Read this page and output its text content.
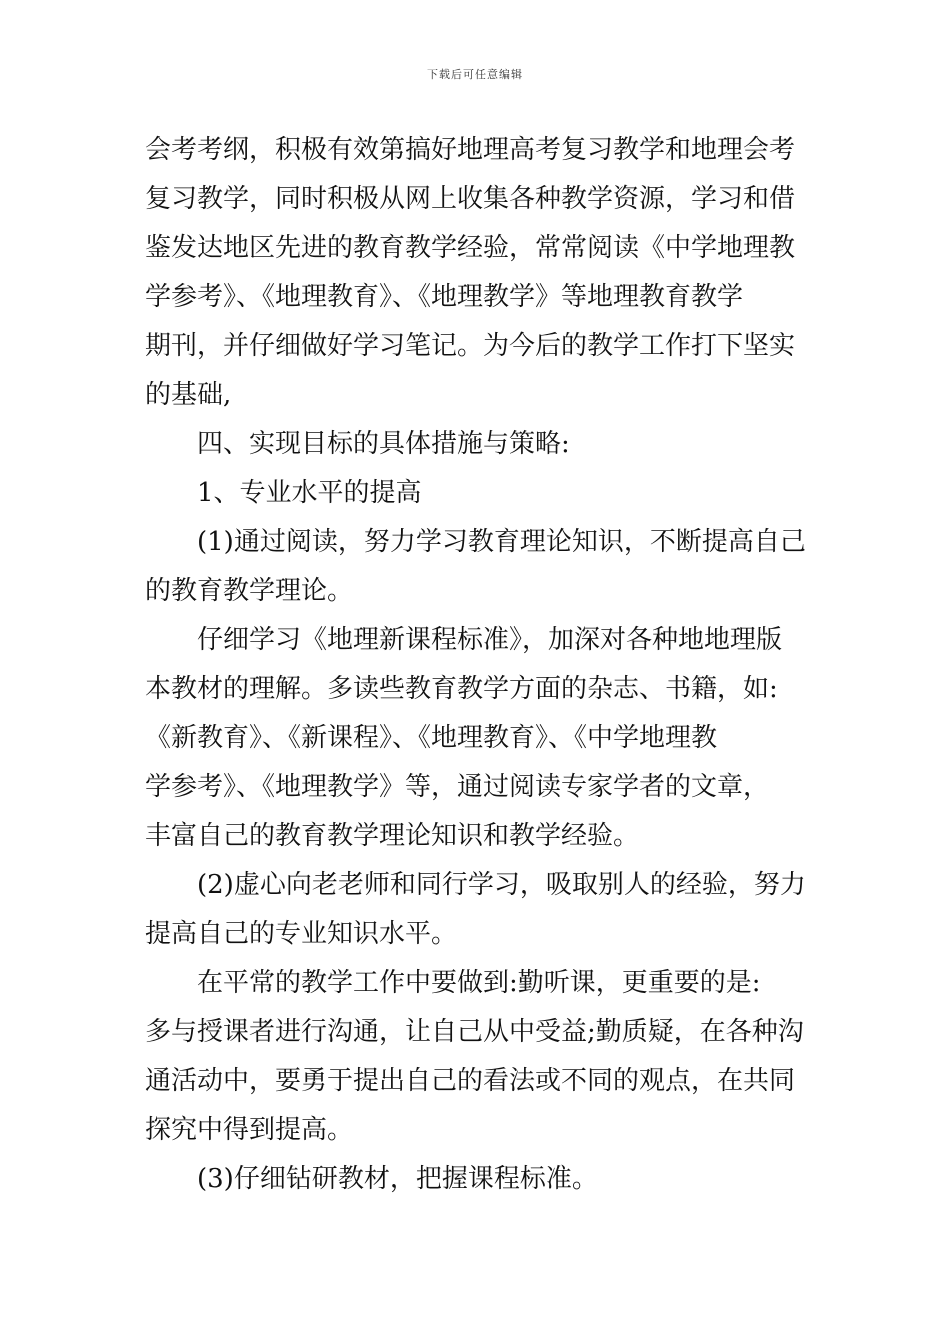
下载后可任意编辑
会考考纲，积极有效第搞好地理高考复习教学和地理会考
复习教学，同时积极从网上收集各种教学资源，学习和借
鉴发达地区先进的教育教学经验，常常阅读《中学地理教
学参考》、《地理教育》、《地理教学》等地理教育教学
期刊，并仔细做好学习笔记。为今后的教学工作打下坚实
的基础,
四、实现目标的具体措施与策略:
1、专业水平的提高
(1)通过阅读，努力学习教育理论知识，不断提高自己
的教育教学理论。
仔细学习《地理新课程标准》，加深对各种地地理版
本教材的理解。多读些教育教学方面的杂志、书籍，如:
《新教育》、《新课程》、《地理教育》、《中学地理教
学参考》、《地理教学》等，通过阅读专家学者的文章，
丰富自己的教育教学理论知识和教学经验。
(2)虚心向老老师和同行学习，吸取别人的经验，努力
提高自己的专业知识水平。
在平常的教学工作中要做到:勤听课，更重要的是:
多与授课者进行沟通，让自己从中受益;勤质疑，在各种沟
通活动中，要勇于提出自己的看法或不同的观点，在共同
探究中得到提高。
(3)仔细钻研教材，把握课程标准。
